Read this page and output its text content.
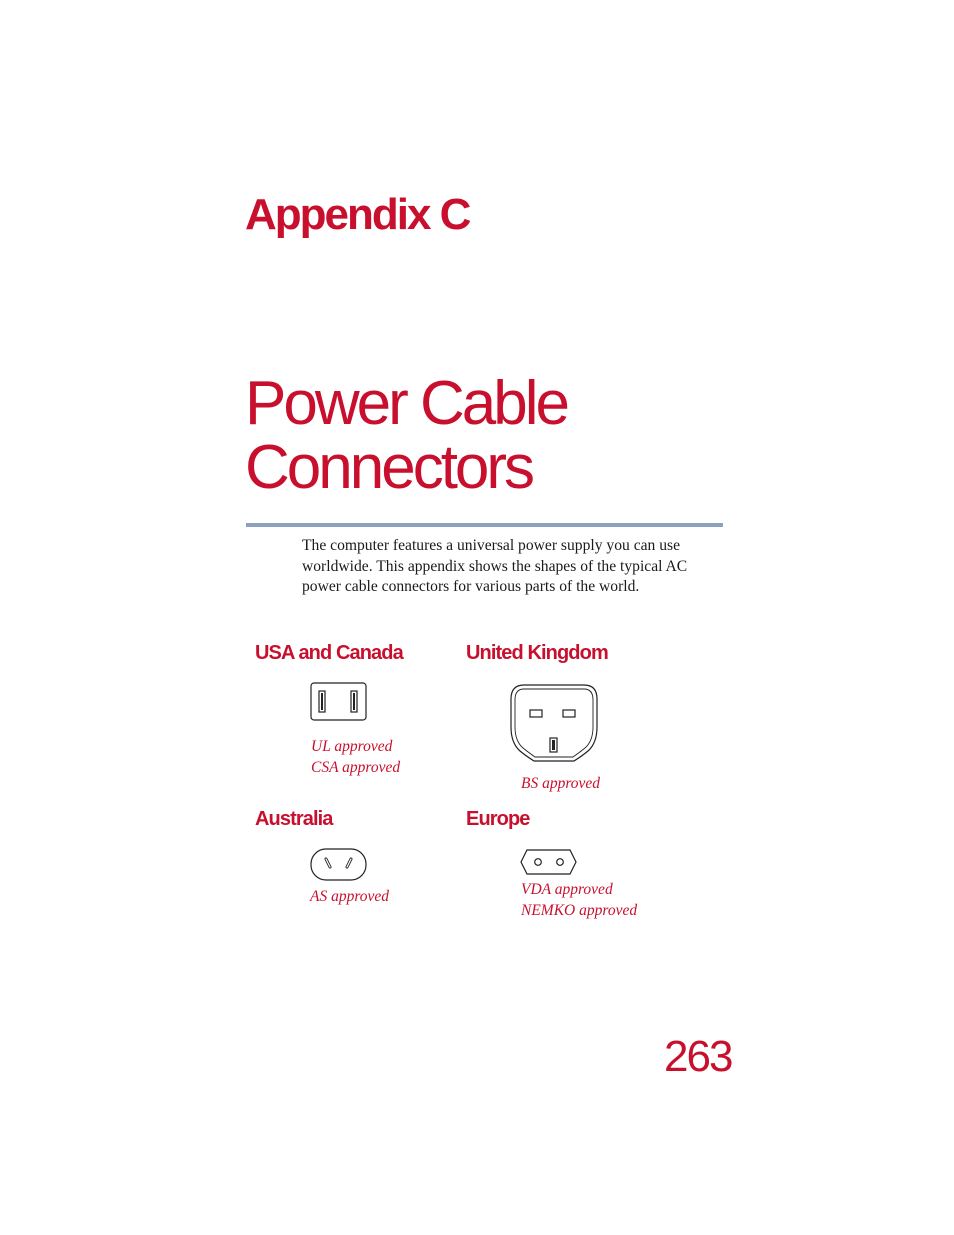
Appendix C
Power Cable
Connectors
The computer features a universal power supply you can use worldwide. This appendix shows the shapes of the typical AC power cable connectors for various parts of the world.
USA and Canada
UL approved
CSA approved
United Kingdom
BS approved
Australia
AS approved
Europe
VDA approved
NEMKO approved
263
